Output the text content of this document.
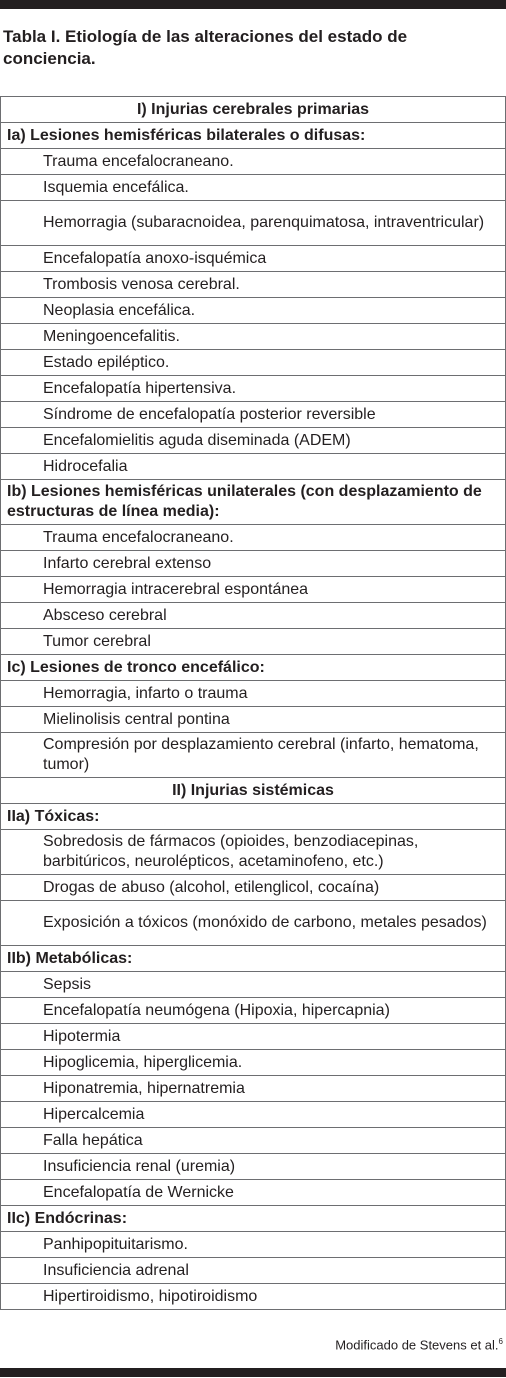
Tabla I. Etiología de las alteraciones del estado de conciencia.

I) Injurias cerebrales primarias
Ia) Lesiones hemisféricas bilaterales o difusas:
Trauma encefalocraneano.
Isquemia encefálica.
Hemorragia (subaracnoidea, parenquimatosa, intraventricular)
Encefalopatía anoxo-isquémica
Trombosis venosa cerebral.
Neoplasia encefálica.
Meningoencefalitis.
Estado epiléptico.
Encefalopatía hipertensiva.
Síndrome de encefalopatía posterior reversible
Encefalomielitis aguda diseminada (ADEM)
Hidrocefalia
Ib) Lesiones hemisféricas unilaterales (con desplazamiento de estructuras de línea media):
Trauma encefalocraneano.
Infarto cerebral extenso
Hemorragia intracerebral espontánea
Absceso cerebral
Tumor cerebral
Ic) Lesiones de tronco encefálico:
Hemorragia, infarto o trauma
Mielinolisis central pontina
Compresión por desplazamiento cerebral (infarto, hematoma, tumor)
II) Injurias sistémicas
IIa) Tóxicas:
Sobredosis de fármacos (opioides, benzodiacepinas, barbitúricos, neurolépticos, acetaminofeno, etc.)
Drogas de abuso (alcohol, etilenglicol, cocaína)
Exposición a tóxicos (monóxido de carbono, metales pesados)
IIb) Metabólicas:
Sepsis
Encefalopatía neumógena (Hipoxia, hipercapnia)
Hipotermia
Hipoglicemia, hiperglicemia.
Hiponatremia, hipernatremia
Hipercalcemia
Falla hepática
Insuficiencia renal (uremia)
Encefalopatía de Wernicke
IIc) Endócrinas:
Panhipopituitarismo.
Insuficiencia adrenal
Hipertiroidismo, hipotiroidismo
Modificado de Stevens et al.$^6$
